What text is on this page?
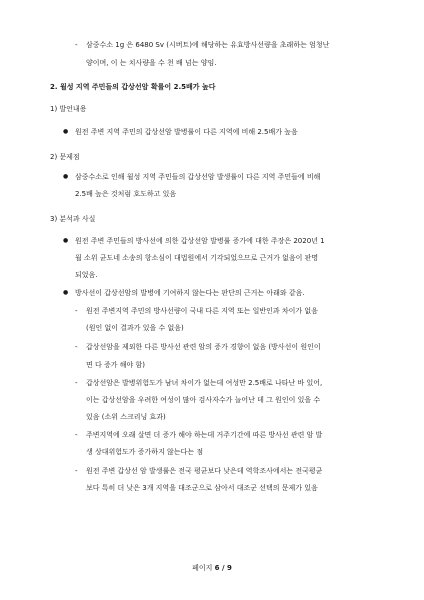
- 삼중수소 1g 은 6480 Sv (시버트)에 해당하는 유효방사선량을 초래하는 엄청난
양이며, 이 는 치사량을 수 천 배 넘는 양임.
2. 월성 지역 주민들의 갑상선암 확률이 2.5배가 높다
1) 발언내용
● 원전 주변 지역 주민의 갑상선암 발병률이 다른 지역에 비해 2.5배가 높음
2) 문제점
● 삼중수소로 인해 월성 지역 주민들의 갑상선암 발생률이 다른 지역 주민들에 비해
2.5배 높은 것처럼 호도하고 있음
3) 분석과 사실
● 원전 주변 주민들의 방사선에 의한 갑상선암 발병률 증가에 대한 주장은 2020년 1
월 소위 균도네 소송의 항소심이 대법원에서 기각되었으므로 근거가 없음이 판명
되었음.
● 방사선이 갑상선암의 발병에 기여하지 않는다는 판단의 근거는 아래와 같음.
- 원전 주변지역 주민의 방사선량이 국내 다른 지역 또는 일반인과 차이가 없음
(원인 없이 결과가 있을 수 없음)
- 갑상선암을 제외한 다른 방사선 관련 암의 증가 경향이 없음 (방사선이 원인이
면 다 증가 해야 함)
- 갑상선암은 발병위험도가 남녀 차이가 없는데 여성만 2.5배로 나타난 바 있어,
이는 갑상선암을 우려한 여성이 많아 검사자수가 늘어난 데 그 원인이 있을 수
있음 (소위 스크리닝 효과)
- 주변지역에 오래 살면 더 증가 해야 하는데 거주기간에 따른 방사선 관련 암 발
생 상대위험도가 증가하지 않는다는 점
- 원전 주변 갑상선 암 발생률은 전국 평균보다 낮은데 역학조사에서는 전국평균
보다 특히 더 낮은 3개 지역을 대조군으로 삼아서 대조군 선택의 문제가 있음
페이지 6 / 9
